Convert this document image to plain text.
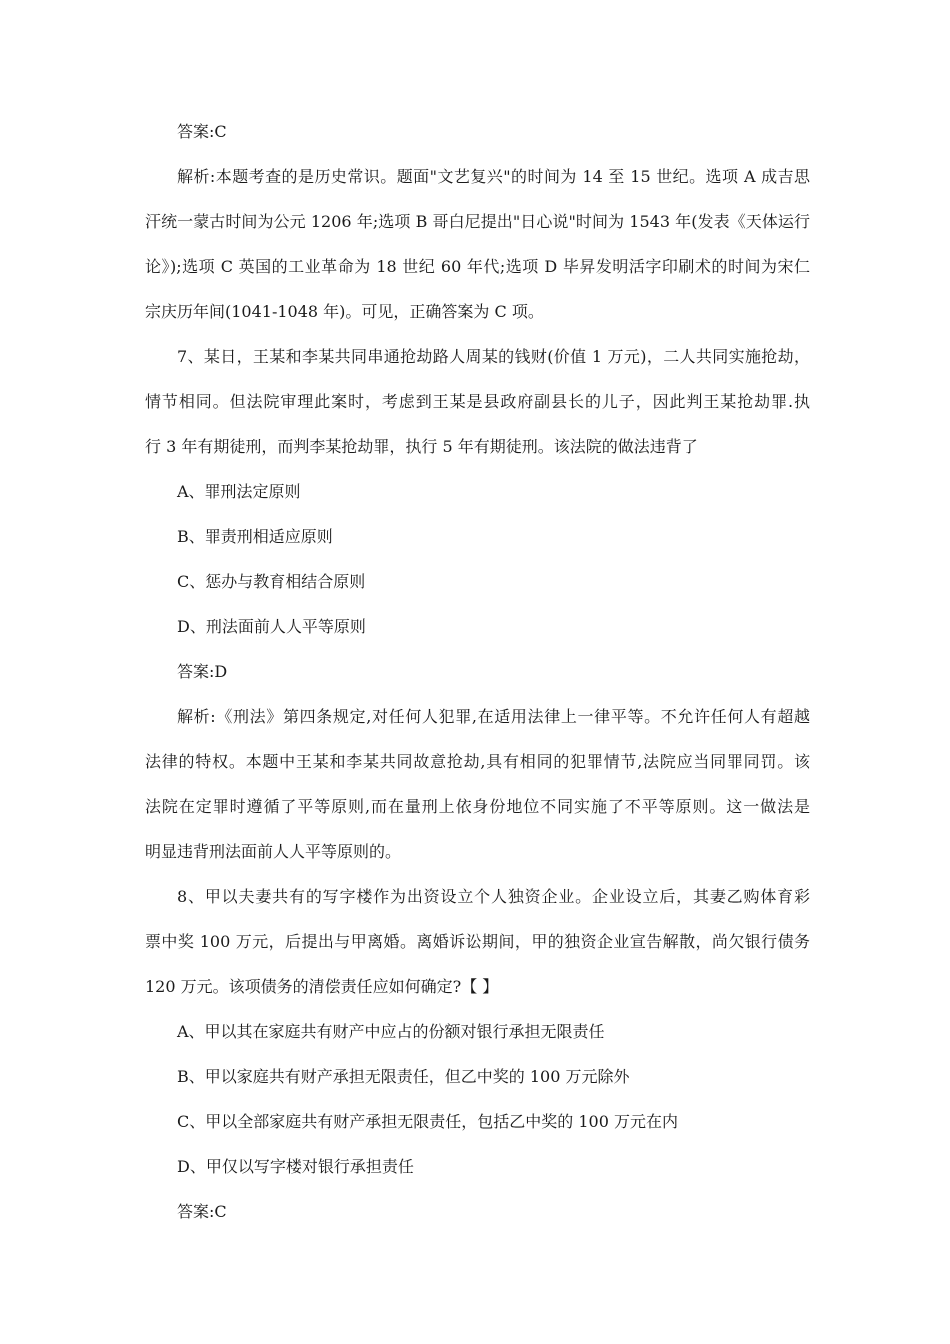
答案:C
解析:本题考查的是历史常识。题面"文艺复兴"的时间为 14 至 15 世纪。选项 A 成吉思
汗统一蒙古时间为公元 1206 年;选项 B 哥白尼提出"日心说"时间为 1543 年(发表《天体运行
论》);选项 C 英国的工业革命为 18 世纪 60 年代;选项 D 毕昇发明活字印刷术的时间为宋仁
宗庆历年间(1041-1048 年)。可见，正确答案为 C 项。
7、某日，王某和李某共同串通抢劫路人周某的钱财(价值 1 万元)，二人共同实施抢劫，
情节相同。但法院审理此案时，考虑到王某是县政府副县长的儿子，因此判王某抢劫罪.执
行 3 年有期徒刑，而判李某抢劫罪，执行 5 年有期徒刑。该法院的做法违背了
A、罪刑法定原则
B、罪责刑相适应原则
C、惩办与教育相结合原则
D、刑法面前人人平等原则
答案:D
解析:《刑法》第四条规定,对任何人犯罪,在适用法律上一律平等。不允许任何人有超越
法律的特权。本题中王某和李某共同故意抢劫,具有相同的犯罪情节,法院应当同罪同罚。该
法院在定罪时遵循了平等原则,而在量刑上依身份地位不同实施了不平等原则。这一做法是
明显违背刑法面前人人平等原则的。
8、甲以夫妻共有的写字楼作为出资设立个人独资企业。企业设立后，其妻乙购体育彩
票中奖 100 万元，后提出与甲离婚。离婚诉讼期间，甲的独资企业宣告解散，尚欠银行债务
120 万元。该项债务的清偿责任应如何确定?【 】
A、甲以其在家庭共有财产中应占的份额对银行承担无限责任
B、甲以家庭共有财产承担无限责任，但乙中奖的 100 万元除外
C、甲以全部家庭共有财产承担无限责任，包括乙中奖的 100 万元在内
D、甲仅以写字楼对银行承担责任
答案:C
